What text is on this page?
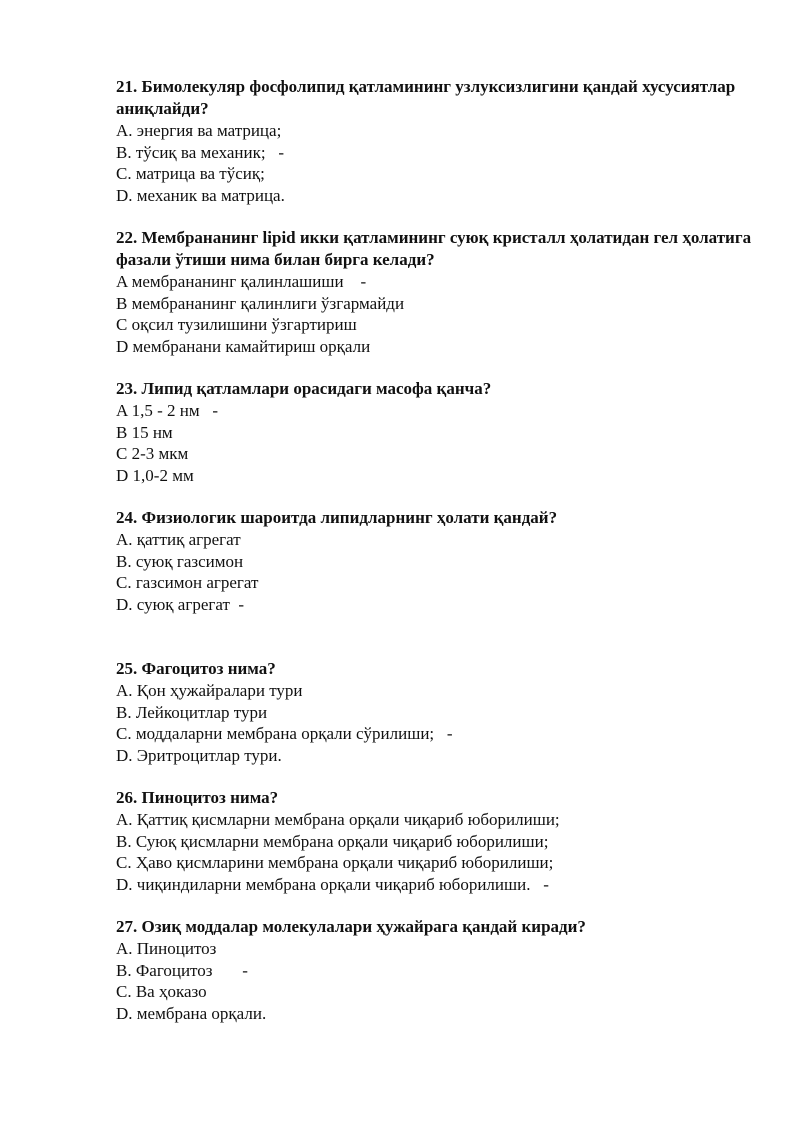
21. Бимолекуляр фосфолипид қатламининг узлуксизлигини қандай хусусиятлар аниқлайди?

A. энергия ва матрица;

B. тўсиқ ва механик;   -

C. матрица ва тўсиқ;

D. механик ва матрица.

22. Мембрананинг lipid икки қатламининг суюқ кристалл ҳолатидан гел ҳолатига фазали ўтиши нима билан бирга келади?

A мембрананинг қалинлашиши    -

B мембрананинг қалинлиги ўзгармайди

C оқсил тузилишини ўзгартириш

D мембранани камайтириш орқали

23. Липид қатламлари орасидаги масофа қанча?

A 1,5 - 2 нм   -

B 15 нм

C 2-3 мкм

D 1,0-2 мм

24. Физиологик шароитда липидларнинг ҳолати қандай?

A. қаттиқ агрегат

B. суюқ газсимон

C. газсимон агрегат

D. суюқ агрегат  -

25. Фагоцитоз нима?

A. Қон ҳужайралари тури

B. Лейкоцитлар тури

C. моддаларни мембрана орқали сўрилиши;   -

D. Эритроцитлар тури.

26. Пиноцитоз нима?

A. Қаттиқ қисмларни мембрана орқали чиқариб юборилиши;

B. Суюқ қисмларни мембрана орқали чиқариб юборилиши;

C. Ҳаво қисмларини мембрана орқали чиқариб юборилиши;

D. чиқиндиларни мембрана орқали чиқариб юборилиши.   -

27. Озиқ моддалар молекулалари ҳужайрага қандай киради?

A. Пиноцитоз

B. Фагоцитоз       -

C. Ва ҳоказо

D. мембрана орқали.
